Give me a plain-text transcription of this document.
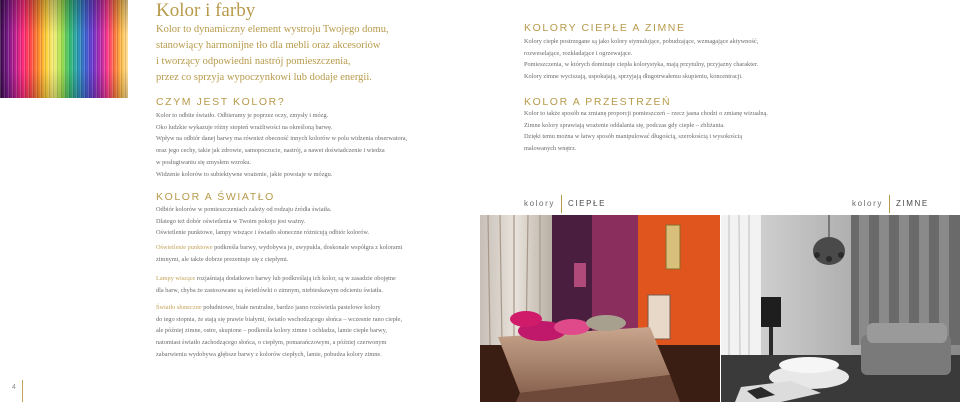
Kolor i farby
Kolor to dynamiczny element wystroju Twojego domu,
stanowiący harmonijne tło dla mebli oraz akcesoriów
i tworzący odpowiedni nastrój pomieszczenia,
przez co sprzyja wypoczynkowi lub dodaje energii.
CZYM JEST KOLOR?
Kolor to odbite światło. Odbieramy je poprzez oczy, zmysły i mózg.
Oko ludzkie wykazuje różny stopień wrażliwości na określoną barwę.
Wpływ na odbiór danej barwy ma również obecność innych kolorów w polu widzenia obserwatora,
oraz jego cechy, takie jak zdrowie, samopoczucie, nastrój, a nawet doświadczenie i wiedza
w posługiwaniu się zmysłem wzroku.
Widzenie kolorów to subiektywne wrażenie, jakie powstaje w mózgu.
KOLOR A ŚWIATŁO
Odbiór kolorów w pomieszczeniach zależy od rodzaju źródła światła.
Dlatego też dobór oświetlenia w Twoim pokoju jest ważny.
Oświetlenie punktowe, lampy wiszące i światło słoneczne różnicują odbiór kolorów.
Oświetlenie punktowe podkreśla barwy, wydobywa je, uwypukla, doskonale współgra z kolorami
zimnymi, ale także dobrze prezentuje się z ciepłymi.
Lampy wiszące rozjaśniają dodatkowo barwy lub podkreślają ich kolor, są w zasadzie obojętne
dla barw, chyba że zastosowane są świetlówki o zimnym, niebieskawym odcieniu światła.
Światło słoneczne południowe, białe neutralne, bardzo jasno rozświetla pastelowe kolory
do tego stopnia, że stają się prawie białymi, światło wschodzącego słońca – wczesnie rano ciepłe,
ale później zimne, ostre, skupione – podkreśla kolory zimne i ochładza, lamie ciepłe barwy,
natomiast światło zachodzącego słońca, o ciepłym, pomarańczowym, a później czerwonym
zabarwieniu wydobywa głębsze barwy z kolorów ciepłych, lamie, pobudza kolory zimne.
KOLORY CIEPŁE A ZIMNE
Kolory ciepłe postrzegane są jako kolory stymulujące, pobudzające, wzmagające aktywność,
rozweselające, rozkładające i ogrzewające.
Pomieszczenia, w których dominuje ciepła kolorystyka, mają przytulny, przyjazny charakter.
Kolory zimne wyciszają, uspokajają, sprzyjają długotrwałemu skupieniu, koncentracji.
KOLOR A PRZESTRZEŃ
Kolor to także sposób na zmianę proporcji pomieszczeń – rzecz jasna chodzi o zmianę wizualną.
Zimne kolory sprawiają wrażenie oddalania się, podczas gdy ciepłe – zbliżania.
Dzięki temu można w łatwy sposób manipulować długością, szerokością i wysokością
malowanych wnętrz.
kolory CIEPŁE	kolory ZIMNE
4
